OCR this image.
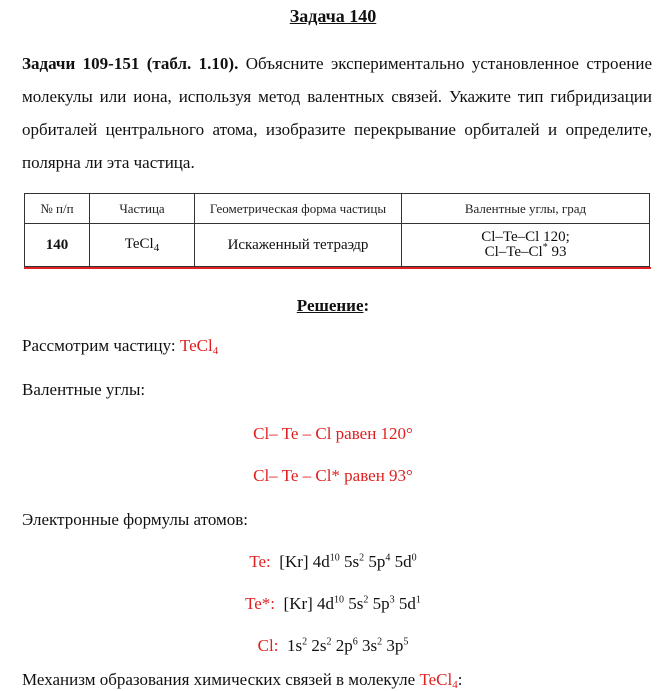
Задача 140
Задачи 109-151 (табл. 1.10). Объясните экспериментально установленное строение молекулы или иона, используя метод валентных связей. Укажите тип гибридизации орбиталей центрального атома, изобразите перекрывание орбиталей и определите, полярна ли эта частица.
№ п/п	Частица	Геометрическая форма частицы	Валентные углы, град
140	TeCl$_4$	Искаженный тетраэдр	Cl–Te–Cl 120;
Cl–Te–Cl* 93
Решение:
Рассмотрим частицу: TeCl4
Валентные углы:
Cl– Te – Cl равен 120°
Cl– Te – Cl* равен 93°
Электронные формулы атомов:
Te: [Kr] $4d^{10}$ $5s^2$ $5p^4$ $5d^0$
Te*: [Kr] $4d^{10}$ $5s^2$ $5p^3$ $5d^1$
Cl: $1s^2$ $2s^2$ $2p^6$ $3s^2$ $3p^5$
Механизм образования химических связей в молекуле TeCl4:
